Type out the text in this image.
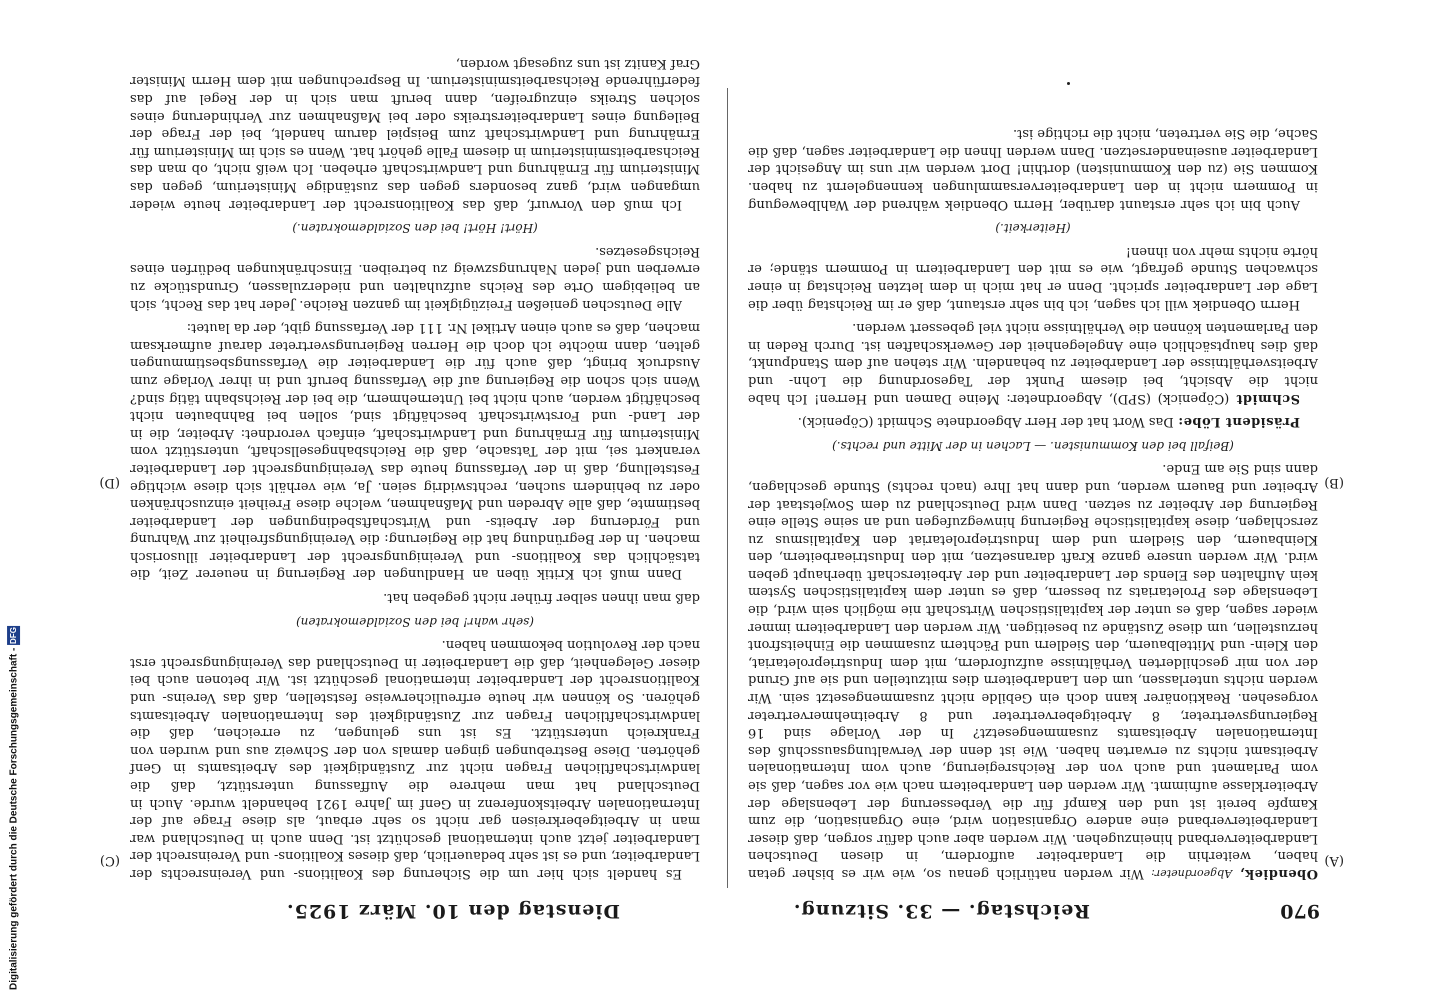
970
Reichstag. — 33. Sitzung.
Dienstag den 10. März 1925.
(A)
(B)
(C)
(D)

Obendiek, Abgeordneter: Wir werden natürlich genau so, wie wir es bisher getan haben, weiterhin die Landarbeiter auffordern, in diesen Deutschen Landarbeiterverband hineinzugehen. Wir werden aber auch dafür sorgen, daß dieser Landarbeiterverband eine andere Organisation wird, eine Organisation, die zum Kampfe bereit ist und den Kampf für die Verbesserung der Lebenslage der Arbeiterklasse aufnimmt. Wir werden den Landarbeitern nach wie vor sagen, daß sie vom Parlament und auch von der Reichsregierung, auch vom Internationalen Arbeitsamt nichts zu erwarten haben. Wie ist denn der Verwaltungsausschuß des Internationalen Arbeitsamts zusammengesetzt? In der Vorlage sind 16 Regierungsvertreter, 8 Arbeitgebervertreter und 8 Arbeitnehmervertreter vorgesehen. Reaktionärer kann doch ein Gebilde nicht zusammengesetzt sein. Wir werden nichts unterlassen, um den Landarbeitern dies mitzuteilen und sie auf Grund der von mir geschilderten Verhältnisse aufzufordern, mit dem Industrieproletariat, den Klein- und Mittelbauern, den Siedlern und Pächtern zusammen die Einheitsfront herzustellen, um diese Zustände zu beseitigen. Wir werden den Landarbeitern immer wieder sagen, daß es unter der kapitalistischen Wirtschaft nie möglich sein wird, die Lebenslage des Proletariats zu bessern, daß es unter dem kapitalistischen System kein Aufhalten des Elends der Landarbeiter und der Arbeiterschaft überhaupt geben wird. Wir werden unsere ganze Kraft daransetzen, mit den Industriearbeitern, den Kleinbauern, den Siedlern und dem Industrieproletariat den Kapitalismus zu zerschlagen, diese kapitalistische Regierung hinwegzufegen und an seine Stelle eine Regierung der Arbeiter zu setzen. Dann wird Deutschland zu dem Sowjetstaat der Arbeiter und Bauern werden, und dann hat Ihre (nach rechts) Stunde geschlagen, dann sind Sie am Ende.

(Beifall bei den Kommunisten. — Lachen in der Mitte und rechts.)

Präsident Löbe: Das Wort hat der Herr Abgeordnete Schmidt (Cöpenick).

Schmidt (Cöpenick) (SPD), Abgeordneter: Meine Damen und Herren! Ich habe nicht die Absicht, bei diesem Punkt der Tagesordnung die Lohn- und Arbeitsverhältnisse der Landarbeiter zu behandeln. Wir stehen auf dem Standpunkt, daß dies hauptsächlich eine Angelegenheit der Gewerkschaften ist. Durch Reden in den Parlamenten können die Verhältnisse nicht viel gebessert werden.

Herrn Obendiek will ich sagen, ich bin sehr erstaunt, daß er im Reichstag über die Lage der Landarbeiter spricht. Denn er hat mich in dem letzten Reichstag in einer schwachen Stunde gefragt, wie es mit den Landarbeitern in Pommern stände; er hörte nichts mehr von ihnen!

(Heiterkeit.)

Auch bin ich sehr erstaunt darüber, Herrn Obendiek während der Wahlbewegung in Pommern nicht in den Landarbeiterversammlungen kennengelernt zu haben. Kommen Sie (zu den Kommunisten) dorthin! Dort werden wir uns im Angesicht der Landarbeiter auseinandersetzen. Dann werden Ihnen die Landarbeiter sagen, daß die Sache, die Sie vertreten, nicht die richtige ist.

Es handelt sich hier um die Sicherung des Koalitions- und Vereinsrechts der Landarbeiter, und es ist sehr bedauerlich, daß dieses Koalitions- und Vereinsrecht der Landarbeiter jetzt auch international geschützt ist. Denn auch in Deutschland war man in Arbeitgeberkreisen gar nicht so sehr erbaut, als diese Frage auf der Internationalen Arbeitskonferenz in Genf im Jahre 1921 behandelt wurde. Auch in Deutschland hat man mehrere die Auffassung unterstützt, daß die landwirtschaftlichen Fragen nicht zur Zuständigkeit des Arbeitsamts in Genf gehörten. Diese Bestrebungen gingen damals von der Schweiz aus und wurden von Frankreich unterstützt. Es ist uns gelungen, zu erreichen, daß die landwirtschaftlichen Fragen zur Zuständigkeit des Internationalen Arbeitsamts gehören. So können wir heute erfreulicherweise feststellen, daß das Vereins- und Koalitionsrecht der Landarbeiter international geschützt ist. Wir betonen auch bei dieser Gelegenheit, daß die Landarbeiter in Deutschland das Vereinigungsrecht erst nach der Revolution bekommen haben.

(sehr wahr! bei den Sozialdemokraten)

daß man ihnen selber früher nicht gegeben hat.

Dann muß ich Kritik üben an Handlungen der Regierung in neuerer Zeit, die tatsächlich das Koalitions- und Vereinigungsrecht der Landarbeiter illusorisch machen. In der Begründung hat die Regierung: die Vereinigungsfreiheit zur Wahrung und Förderung der Arbeits- und Wirtschaftsbedingungen der Landarbeiter bestimmte, daß alle Abreden und Maßnahmen, welche diese Freiheit einzuschränken oder zu behindern suchen, rechtswidrig seien. Ja, wie verhält sich diese wichtige Feststellung, daß in der Verfassung heute das Vereinigungsrecht der Landarbeiter verankert sei, mit der Tatsache, daß die Reichsbahngesellschaft, unterstützt vom Ministerium für Ernährung und Landwirtschaft, einfach verordnet: Arbeiter, die in der Land- und Forstwirtschaft beschäftigt sind, sollen bei Bahnbauten nicht beschäftigt werden, auch nicht bei Unternehmern, die bei der Reichsbahn tätig sind? Wenn sich schon die Regierung auf die Verfassung beruft und in ihrer Vorlage zum Ausdruck bringt, daß auch für die Landarbeiter die Verfassungsbestimmungen gelten, dann möchte ich doch die Herren Regierungsvertreter darauf aufmerksam machen, daß es auch einen Artikel Nr. 111 der Verfassung gibt, der da lautet:

Alle Deutschen genießen Freizügigkeit im ganzen Reiche. Jeder hat das Recht, sich an beliebigem Orte des Reichs aufzuhalten und niederzulassen, Grundstücke zu erwerben und jeden Nahrungszweig zu betreiben. Einschränkungen bedürfen eines Reichsgesetzes.

(Hört! Hört! bei den Sozialdemokraten.)

Ich muß den Vorwurf, daß das Koalitionsrecht der Landarbeiter heute wieder umgangen wird, ganz besonders gegen das zuständige Ministerium, gegen das Ministerium für Ernährung und Landwirtschaft erheben. Ich weiß nicht, ob man das Reichsarbeitsministerium in diesem Falle gehört hat. Wenn es sich im Ministerium für Ernährung und Landwirtschaft zum Beispiel darum handelt, bei der Frage der Beilegung eines Landarbeiterstreiks oder bei Maßnahmen zur Verhinderung eines solchen Streiks einzugreifen, dann beruft man sich in der Regel auf das federführende Reichsarbeitsministerium. In Besprechungen mit dem Herrn Minister Graf Kanitz ist uns zugesagt worden,

Digitalisierung gefördert durch die Deutsche Forschungsgemeinschaft -
DFG
